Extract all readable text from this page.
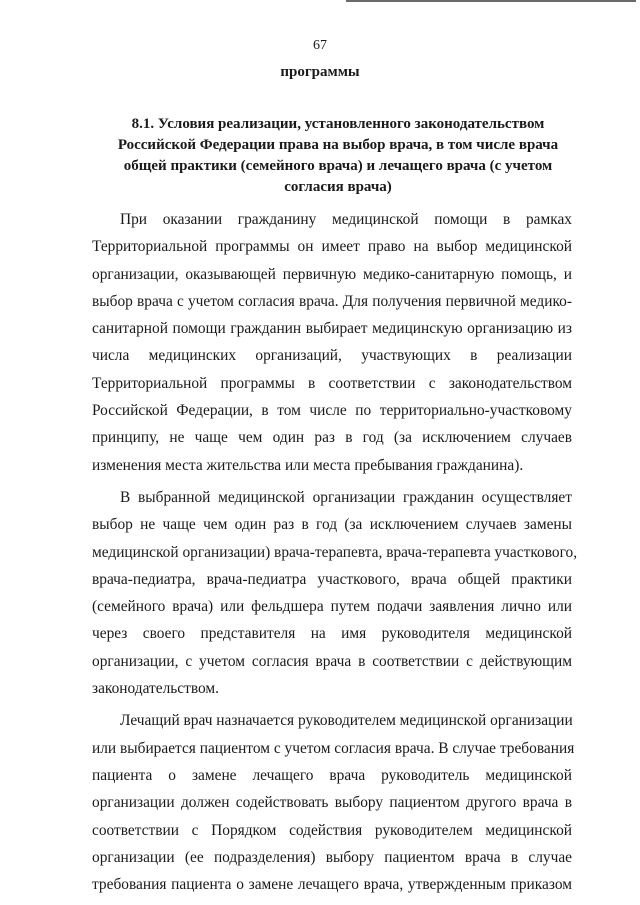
67
программы
8.1. Условия реализации, установленного законодательством
Российской Федерации права на выбор врача, в том числе врача
общей практики (семейного врача) и лечащего врача (с учетом
согласия врача)
При оказании гражданину медицинской помощи в рамках
Территориальной программы он имеет право на выбор медицинской
организации, оказывающей первичную медико-санитарную помощь, и
выбор врача с учетом согласия врача. Для получения первичной медико-
санитарной помощи гражданин выбирает медицинскую организацию из
числа медицинских организаций, участвующих в реализации
Территориальной программы в соответствии с законодательством
Российской Федерации, в том числе по территориально-участковому
принципу, не чаще чем один раз в год (за исключением случаев
изменения места жительства или места пребывания гражданина).
В выбранной медицинской организации гражданин осуществляет
выбор не чаще чем один раз в год (за исключением случаев замены
медицинской организации) врача-терапевта, врача-терапевта участкового,
врача-педиатра, врача-педиатра участкового, врача общей практики
(семейного врача) или фельдшера путем подачи заявления лично или
через своего представителя на имя руководителя медицинской
организации, с учетом согласия врача в соответствии с действующим
законодательством.
Лечащий врач назначается руководителем медицинской организации
или выбирается пациентом с учетом согласия врача. В случае требования
пациента о замене лечащего врача руководитель медицинской
организации должен содействовать выбору пациентом другого врача в
соответствии с Порядком содействия руководителем медицинской
организации (ее подразделения) выбору пациентом врача в случае
требования пациента о замене лечащего врача, утвержденным приказом
